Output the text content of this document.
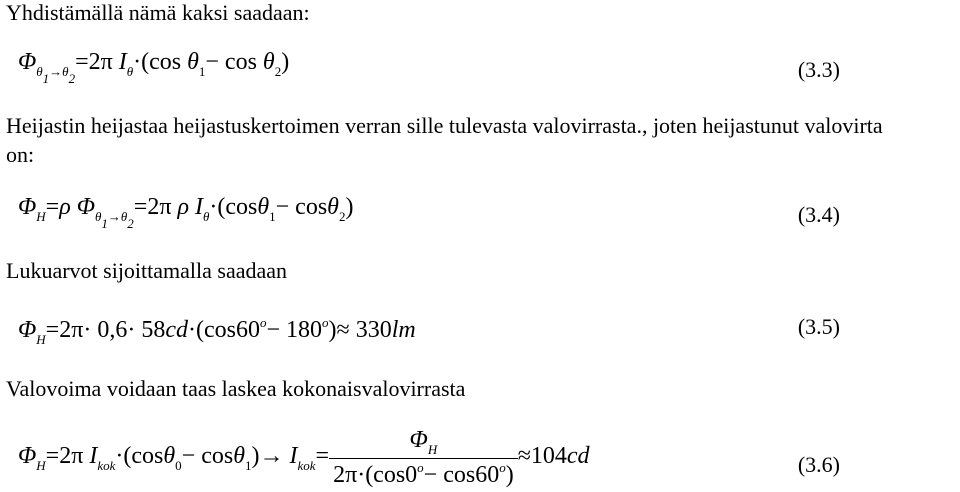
Yhdistämällä nämä kaksi saadaan:
$\Phi_{\theta_1\to\theta_2}=2\pi$ $I_\theta\cdot(\cos$ $\theta_1- \cos \theta_2$)	(3.3)
Heijastin heijastaa heijastuskertoimen verran sille tulevasta valovirrasta., joten heijastunut valovirta
on:
$\Phi_H=\rho$ $\Phi_{\theta_1\to\theta_2}=2\pi$ ρ $I_\theta\cdot(\cos\theta_1- \cos\theta_2)$	(3.4)
Lukuarvot sijoittamalla saadaan
$\Phi_H=2\pi\cdot 0,6\cdot 58cd\cdot(\cos 60^o- 180^o)\approx 330lm$	(3.5)
Valovoima voidaan taas laskea kokonaisvalovirrasta
$\Phi_H=2\pi$ $I_{kok}\cdot(\cos\theta_0- \cos\theta_1)\to I_{kok}= \frac{\Phi_H}{2\pi\cdot(\cos 0^o- \cos 60^o)} \approx 104cd$	(3.6)
